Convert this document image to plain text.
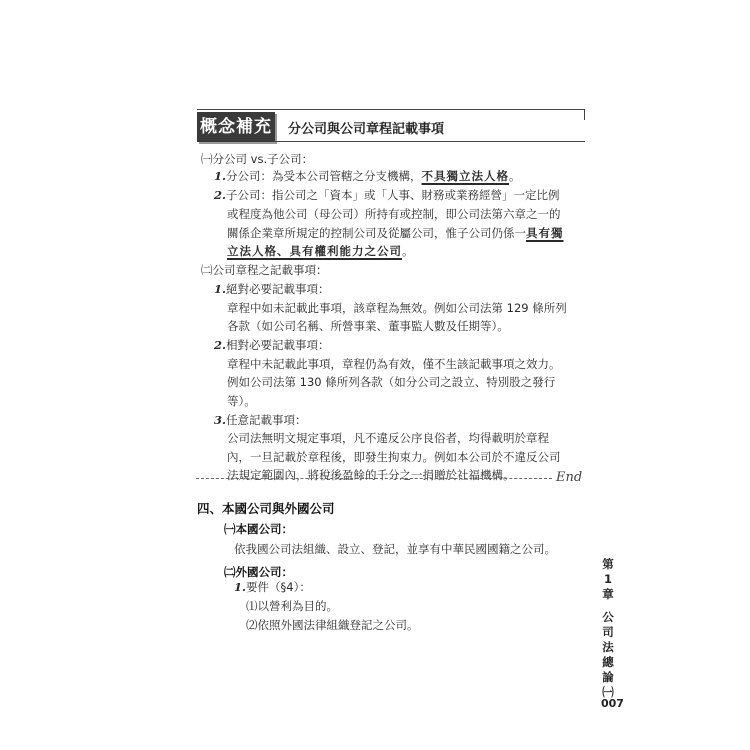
概念補充 分公司與公司章程記載事項
㈠分公司 vs.子公司：
1.分公司：為受本公司管轄之分支機構，不具獨立法人格。
2.子公司：指公司之「資本」或「人事、財務或業務經營」一定比例
或程度為他公司（母公司）所持有或控制，即公司法第六章之一的
關係企業章所規定的控制公司及從屬公司，惟子公司仍係一具有獨
立法人格、具有權利能力之公司。
㈡公司章程之記載事項：
1.絕對必要記載事項：
章程中如未記載此事項，該章程為無效。例如公司法第 129 條所列
各款（如公司名稱、所營事業、董事監人數及任期等）。
2.相對必要記載事項：
章程中未記載此事項，章程仍為有效，僅不生該記載事項之效力。
例如公司法第 130 條所列各款（如分公司之設立、特別股之發行
等）。
3.任意記載事項：
公司法無明文規定事項，凡不違反公序良俗者，均得載明於章程
內，一旦記載於章程後，即發生拘束力。例如本公司於不違反公司
法規定範圍內，將稅後盈餘的千分之一捐贈於社福機構。	End
四、本國公司與外國公司
㈠本國公司：
依我國公司法組織、設立、登記，並享有中華民國國籍之公司。
㈡外國公司：
1.要件（§4）：
⑴以營利為目的。
⑵依照外國法律組織登記之公司。
第
1
章
公
司
法
總
論
㈠
007
